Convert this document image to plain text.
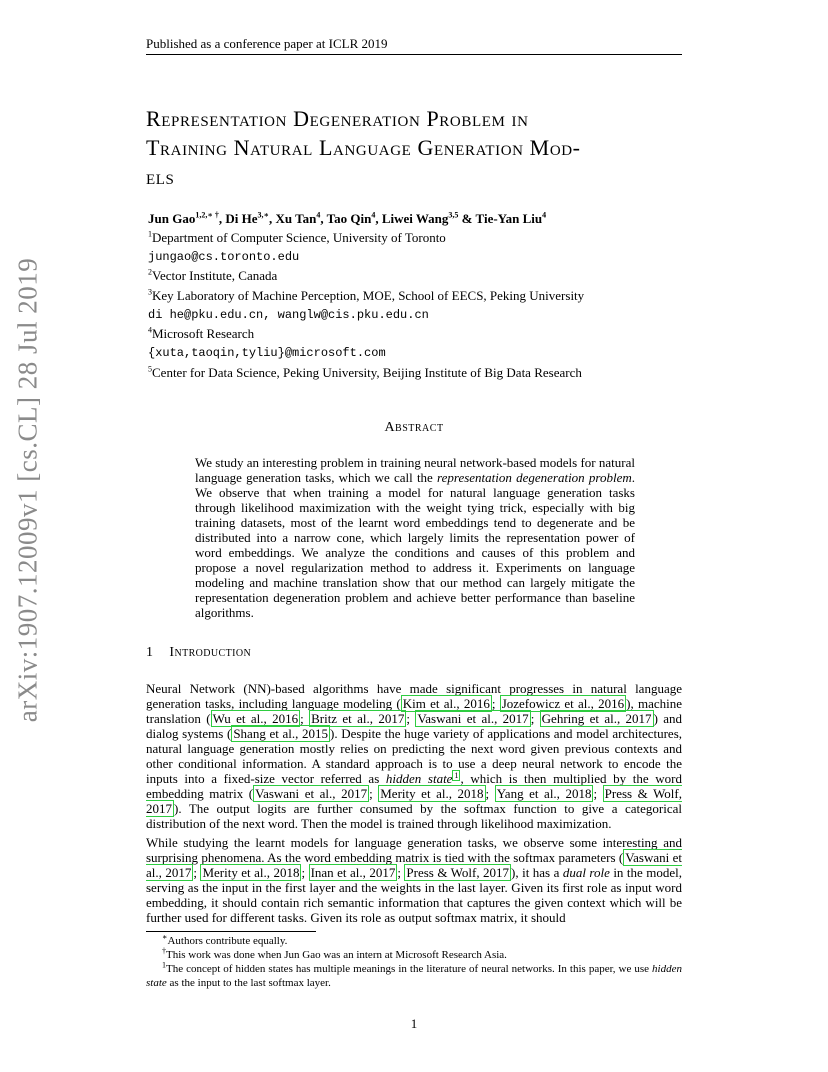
Published as a conference paper at ICLR 2019
arXiv:1907.12009v1 [cs.CL] 28 Jul 2019
Representation Degeneration Problem in
Training Natural Language Generation Mod-
els
Jun Gao$^{1,2,∗ \dagger}$, Di $He^{3,∗}$, Xu Tan$^4$, Tao Qin$^4$, Liwei Wang$^{3,5}$ & Tie-Yan Liu$^4$
$^1$Department of Computer Science, University of Toronto
jungao@cs.toronto.edu
$^2$Vector Institute, Canada
$^3$Key Laboratory of Machine Perception, MOE, School of EECS, Peking University
di he@pku.edu.cn, wanglw@cis.pku.edu.cn
$^4$Microsoft Research
{xuta,taoqin,tyliu}@microsoft.com
$^5$Center for Data Science, Peking University, Beijing Institute of Big Data Research
Abstract
We study an interesting problem in training neural network-based models for natural language generation tasks, which we call the representation degeneration problem. We observe that when training a model for natural language generation tasks through likelihood maximization with the weight tying trick, especially with big training datasets, most of the learnt word embeddings tend to degenerate and be distributed into a narrow cone, which largely limits the representation power of word embeddings. We analyze the conditions and causes of this problem and propose a novel regularization method to address it. Experiments on language modeling and machine translation show that our method can largely mitigate the representation degeneration problem and achieve better performance than baseline algorithms.
1 Introduction
Neural Network (NN)-based algorithms have made significant progresses in natural language generation tasks, including language modeling ( Kim et al., 2016 ; Jozefowicz et al., 2016 ), machine translation ( Wu et al., 2016 ; Britz et al., 2017 ; Vaswani et al., 2017 ; Gehring et al., 2017 ) and dialog systems ( Shang et al., 2015 ). Despite the huge variety of applications and model architectures, natural language generation mostly relies on predicting the next word given previous contexts and other conditional information. A standard approach is to use a deep neural network to encode the inputs into a fixed-size vector referred as hidden state $^1$ , which is then multiplied by the word embedding matrix ( Vaswani et al., 2017 ; Merity et al., 2018 ; Yang et al., 2018 ; Press & Wolf, 2017 ). The output logits are further consumed by the softmax function to give a categorical distribution of the next word. Then the model is trained through likelihood maximization.
While studying the learnt models for language generation tasks, we observe some interesting and surprising phenomena. As the word embedding matrix is tied with the softmax parameters ( Vaswani et al., 2017 ; Merity et al., 2018 ; Inan et al., 2017 ; Press & Wolf, 2017 ), it has a dual role in the model, serving as the input in the first layer and the weights in the last layer. Given its first role as input word embedding, it should contain rich semantic information that captures the given context which will be further used for different tasks. Given its role as output softmax matrix, it should
∗Authors contribute equally.
†This work was done when Jun Gao was an intern at Microsoft Research Asia.
$^1$The concept of hidden states has multiple meanings in the literature of neural networks. In this paper, we use hidden state as the input to the last softmax layer.
1
